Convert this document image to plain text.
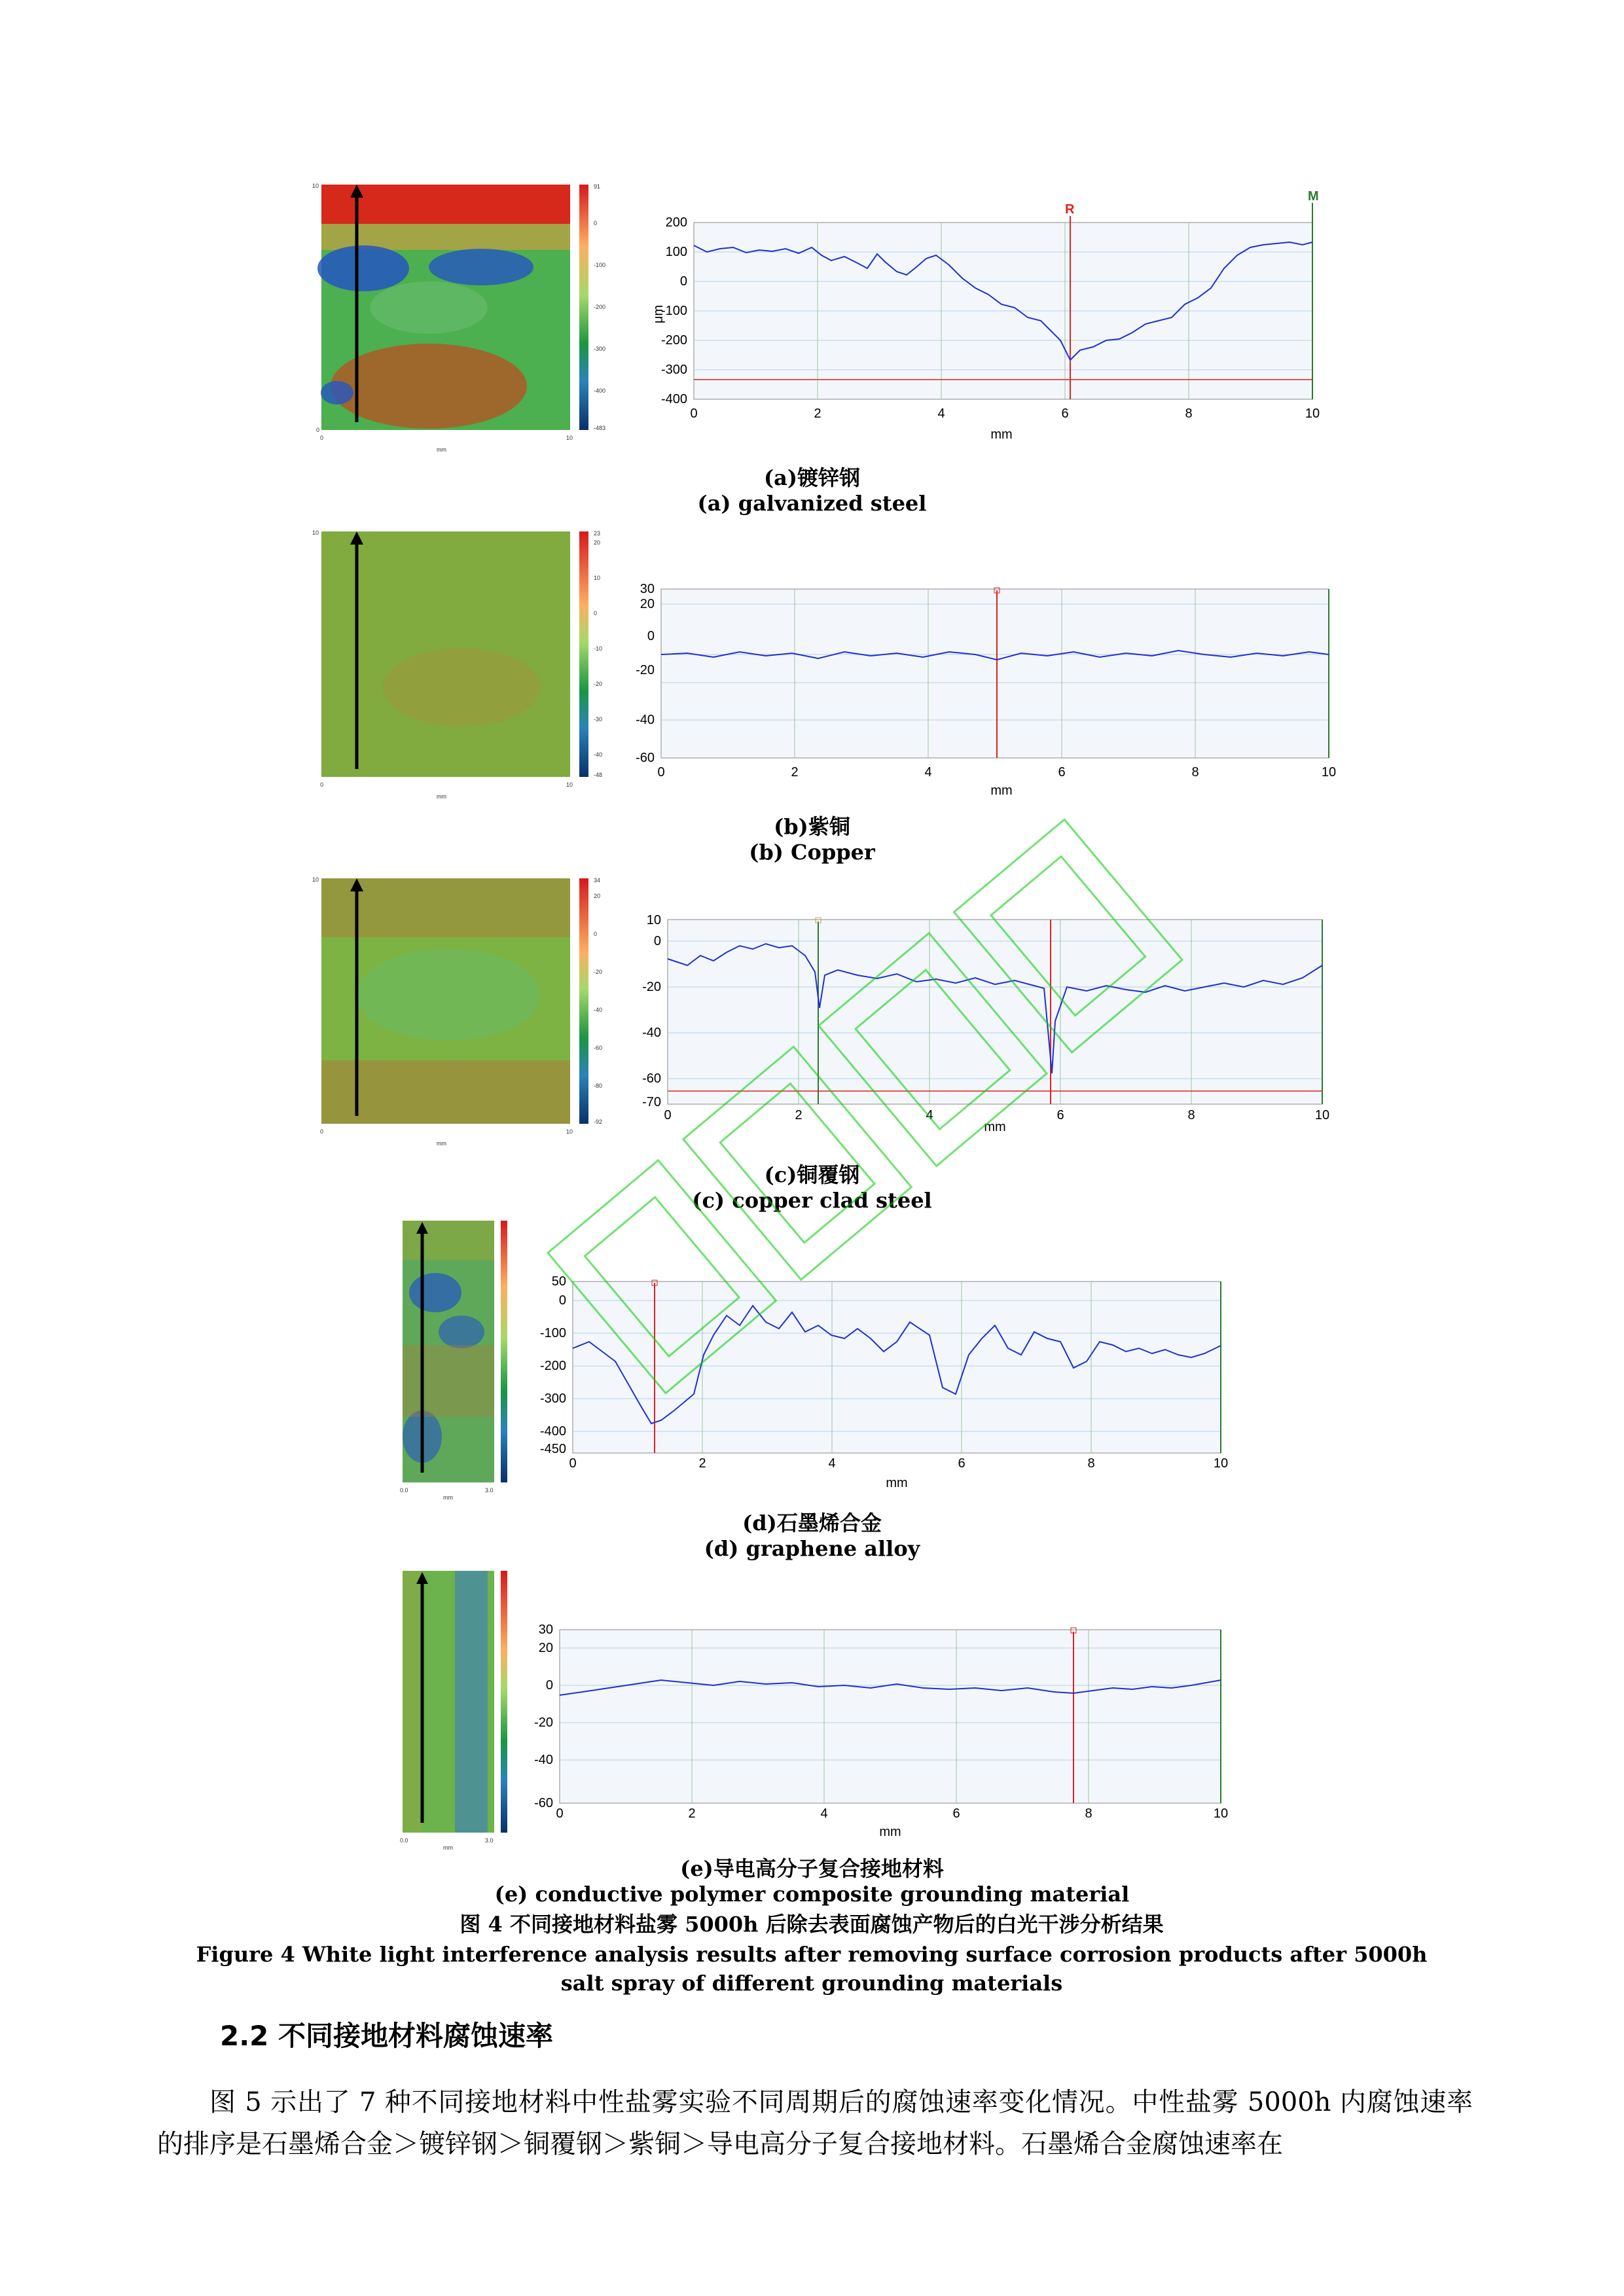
91
0
-100
-200
-300
-400
-483
10
0
0	10
mm
M
R
200
100
0
-100
-200
-300
-400
0	2	4	6	8	10
mm
μm
(a)镀锌钢
(a) galvanized steel
23
20
10
0
-10
-20
-30
-40
-48
10
0	10
mm
30
20
0
-20
-40
-60
0	2	4	6	8	10
mm
(b)紫铜
(b) Copper
34
20
0
-20
-40
-60
-80
-92
10
0	10
mm
10
0
-20
-40
-60
-70
0	2	4	6	8	10
mm
(c)铜覆钢
(c) copper clad steel
0.0	3.0
mm
50
0
-100
-200
-300
-400
-450
0	2	4	6	8	10
mm
(d)石墨烯合金
(d) graphene alloy
0.0	3.0
mm
30
20
0
-20
-40
-60
0	2	4	6	8	10
mm
(e)导电高分子复合接地材料
(e) conductive polymer composite grounding material
图 4 不同接地材料盐雾 5000h 后除去表面腐蚀产物后的白光干涉分析结果
Figure 4 White light interference analysis results after removing surface corrosion products after 5000h salt spray of different grounding materials
2.2 不同接地材料腐蚀速率
图 5 示出了 7 种不同接地材料中性盐雾实验不同周期后的腐蚀速率变化情况。中性盐雾 5000h 内腐蚀速率的排序是石墨烯合金＞镀锌钢＞铜覆钢＞紫铜＞导电高分子复合接地材料。石墨烯合金腐蚀速率在
